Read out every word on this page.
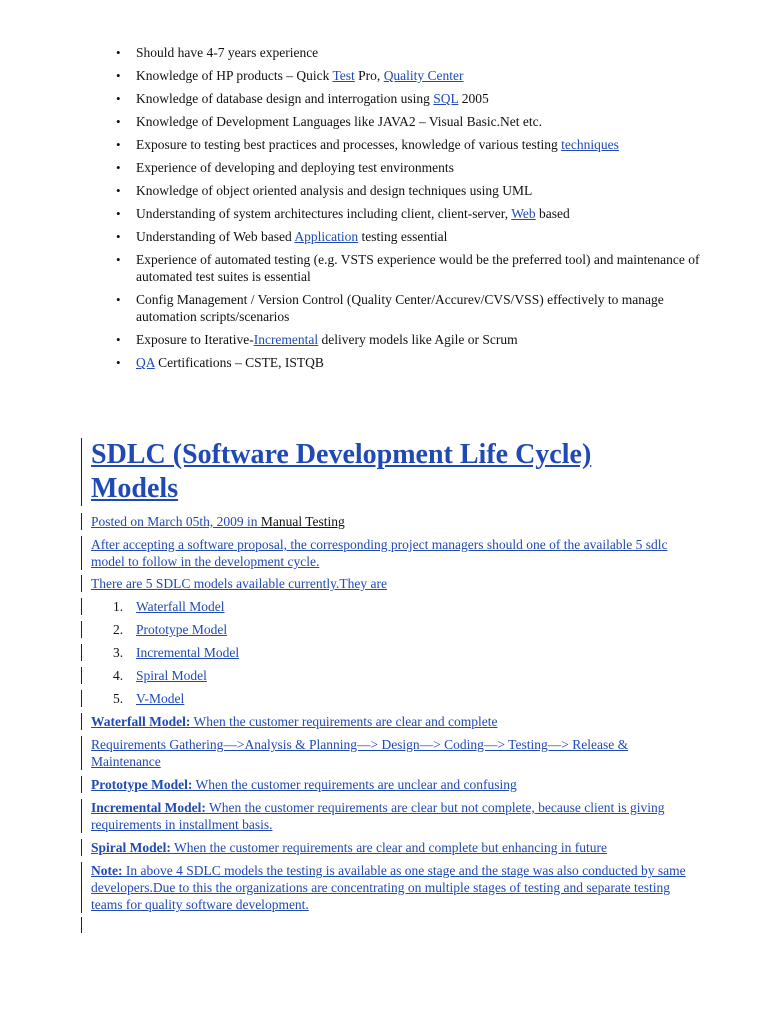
• Should have 4-7 years experience
• Knowledge of HP products – Quick Test Pro, Quality Center
• Knowledge of database design and interrogation using SQL 2005
• Knowledge of Development Languages like JAVA2 – Visual Basic.Net etc.
• Exposure to testing best practices and processes, knowledge of various testing techniques
• Experience of developing and deploying test environments
• Knowledge of object oriented analysis and design techniques using UML
• Understanding of system architectures including client, client-server, Web based
• Understanding of Web based Application testing essential
• Experience of automated testing (e.g. VSTS experience would be the preferred tool) and maintenance of automated test suites is essential
• Config Management / Version Control (Quality Center/Accurev/CVS/VSS) effectively to manage automation scripts/scenarios
• Exposure to Iterative-Incremental delivery models like Agile or Scrum
• QA Certifications – CSTE, ISTQB
SDLC (Software Development Life Cycle)
Models
Posted on March 05th, 2009 in Manual Testing
After accepting a software proposal, the corresponding project managers should one of the available 5 sdlc model to follow in the development cycle.
There are 5 SDLC models available currently.They are
1. Waterfall Model
2. Prototype Model
3. Incremental Model
4. Spiral Model
5. V-Model
Waterfall Model: When the customer requirements are clear and complete
Requirements Gathering—>Analysis & Planning—> Design—> Coding—> Testing—> Release & Maintenance
Prototype Model: When the customer requirements are unclear and confusing
Incremental Model: When the customer requirements are clear but not complete, because client is giving requirements in installment basis.
Spiral Model: When the customer requirements are clear and complete but enhancing in future
Note: In above 4 SDLC models the testing is available as one stage and the stage was also conducted by same developers.Due to this the organizations are concentrating on multiple stages of testing and separate testing teams for quality software development.
